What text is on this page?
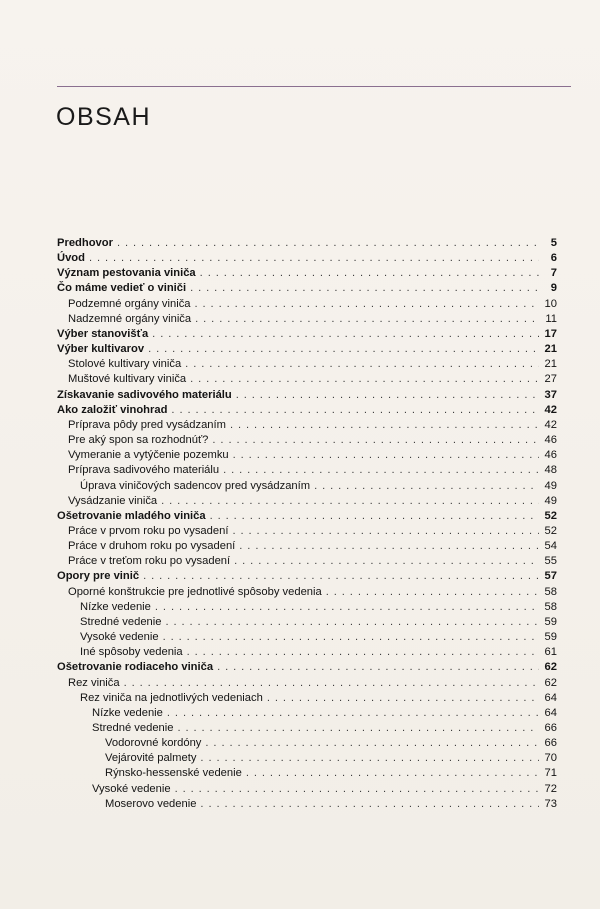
OBSAH
Predhovor . . .	5
Úvod . . .	6
Význam pestovania viniča . . .	7
Čo máme vedieť o viniči . . .	9
Podzemné orgány viniča . . .	10
Nadzemné orgány viniča . . .	11
Výber stanovišťa . . .	17
Výber kultivarov . . .	21
Stolové kultivary viniča . . .	21
Muštové kultivary viniča . . .	27
Získavanie sadivového materiálu . . .	37
Ako založiť vinohrad . . .	42
Príprava pôdy pred vysádzaním . . .	42
Pre aký spon sa rozhodnúť? . . .	46
Vymeranie a vytýčenie pozemku . . .	46
Príprava sadivového materiálu . . .	48
Úprava viničových sadencov pred vysádzaním . . .	49
Vysádzanie viniča . . .	49
Ošetrovanie mladého viniča . . .	52
Práce v prvom roku po vysadení . . .	52
Práce v druhom roku po vysadení . . .	54
Práce v treťom roku po vysadení . . .	55
Opory pre vinič . . .	57
Oporné konštrukcie pre jednotlivé spôsoby vedenia . . .	58
Nízke vedenie . . .	58
Stredné vedenie . . .	59
Vysoké vedenie . . .	59
Iné spôsoby vedenia . . .	61
Ošetrovanie rodiaceho viniča . . .	62
Rez viniča . . .	62
Rez viniča na jednotlivých vedeniach . . .	64
Nízke vedenie . . .	64
Stredné vedenie . . .	66
Vodorovné kordóny . . .	66
Vejárovité palmety . . .	70
Rýnsko-hessenské vedenie . . .	71
Vysoké vedenie . . .	72
Moserovo vedenie . . .	73
